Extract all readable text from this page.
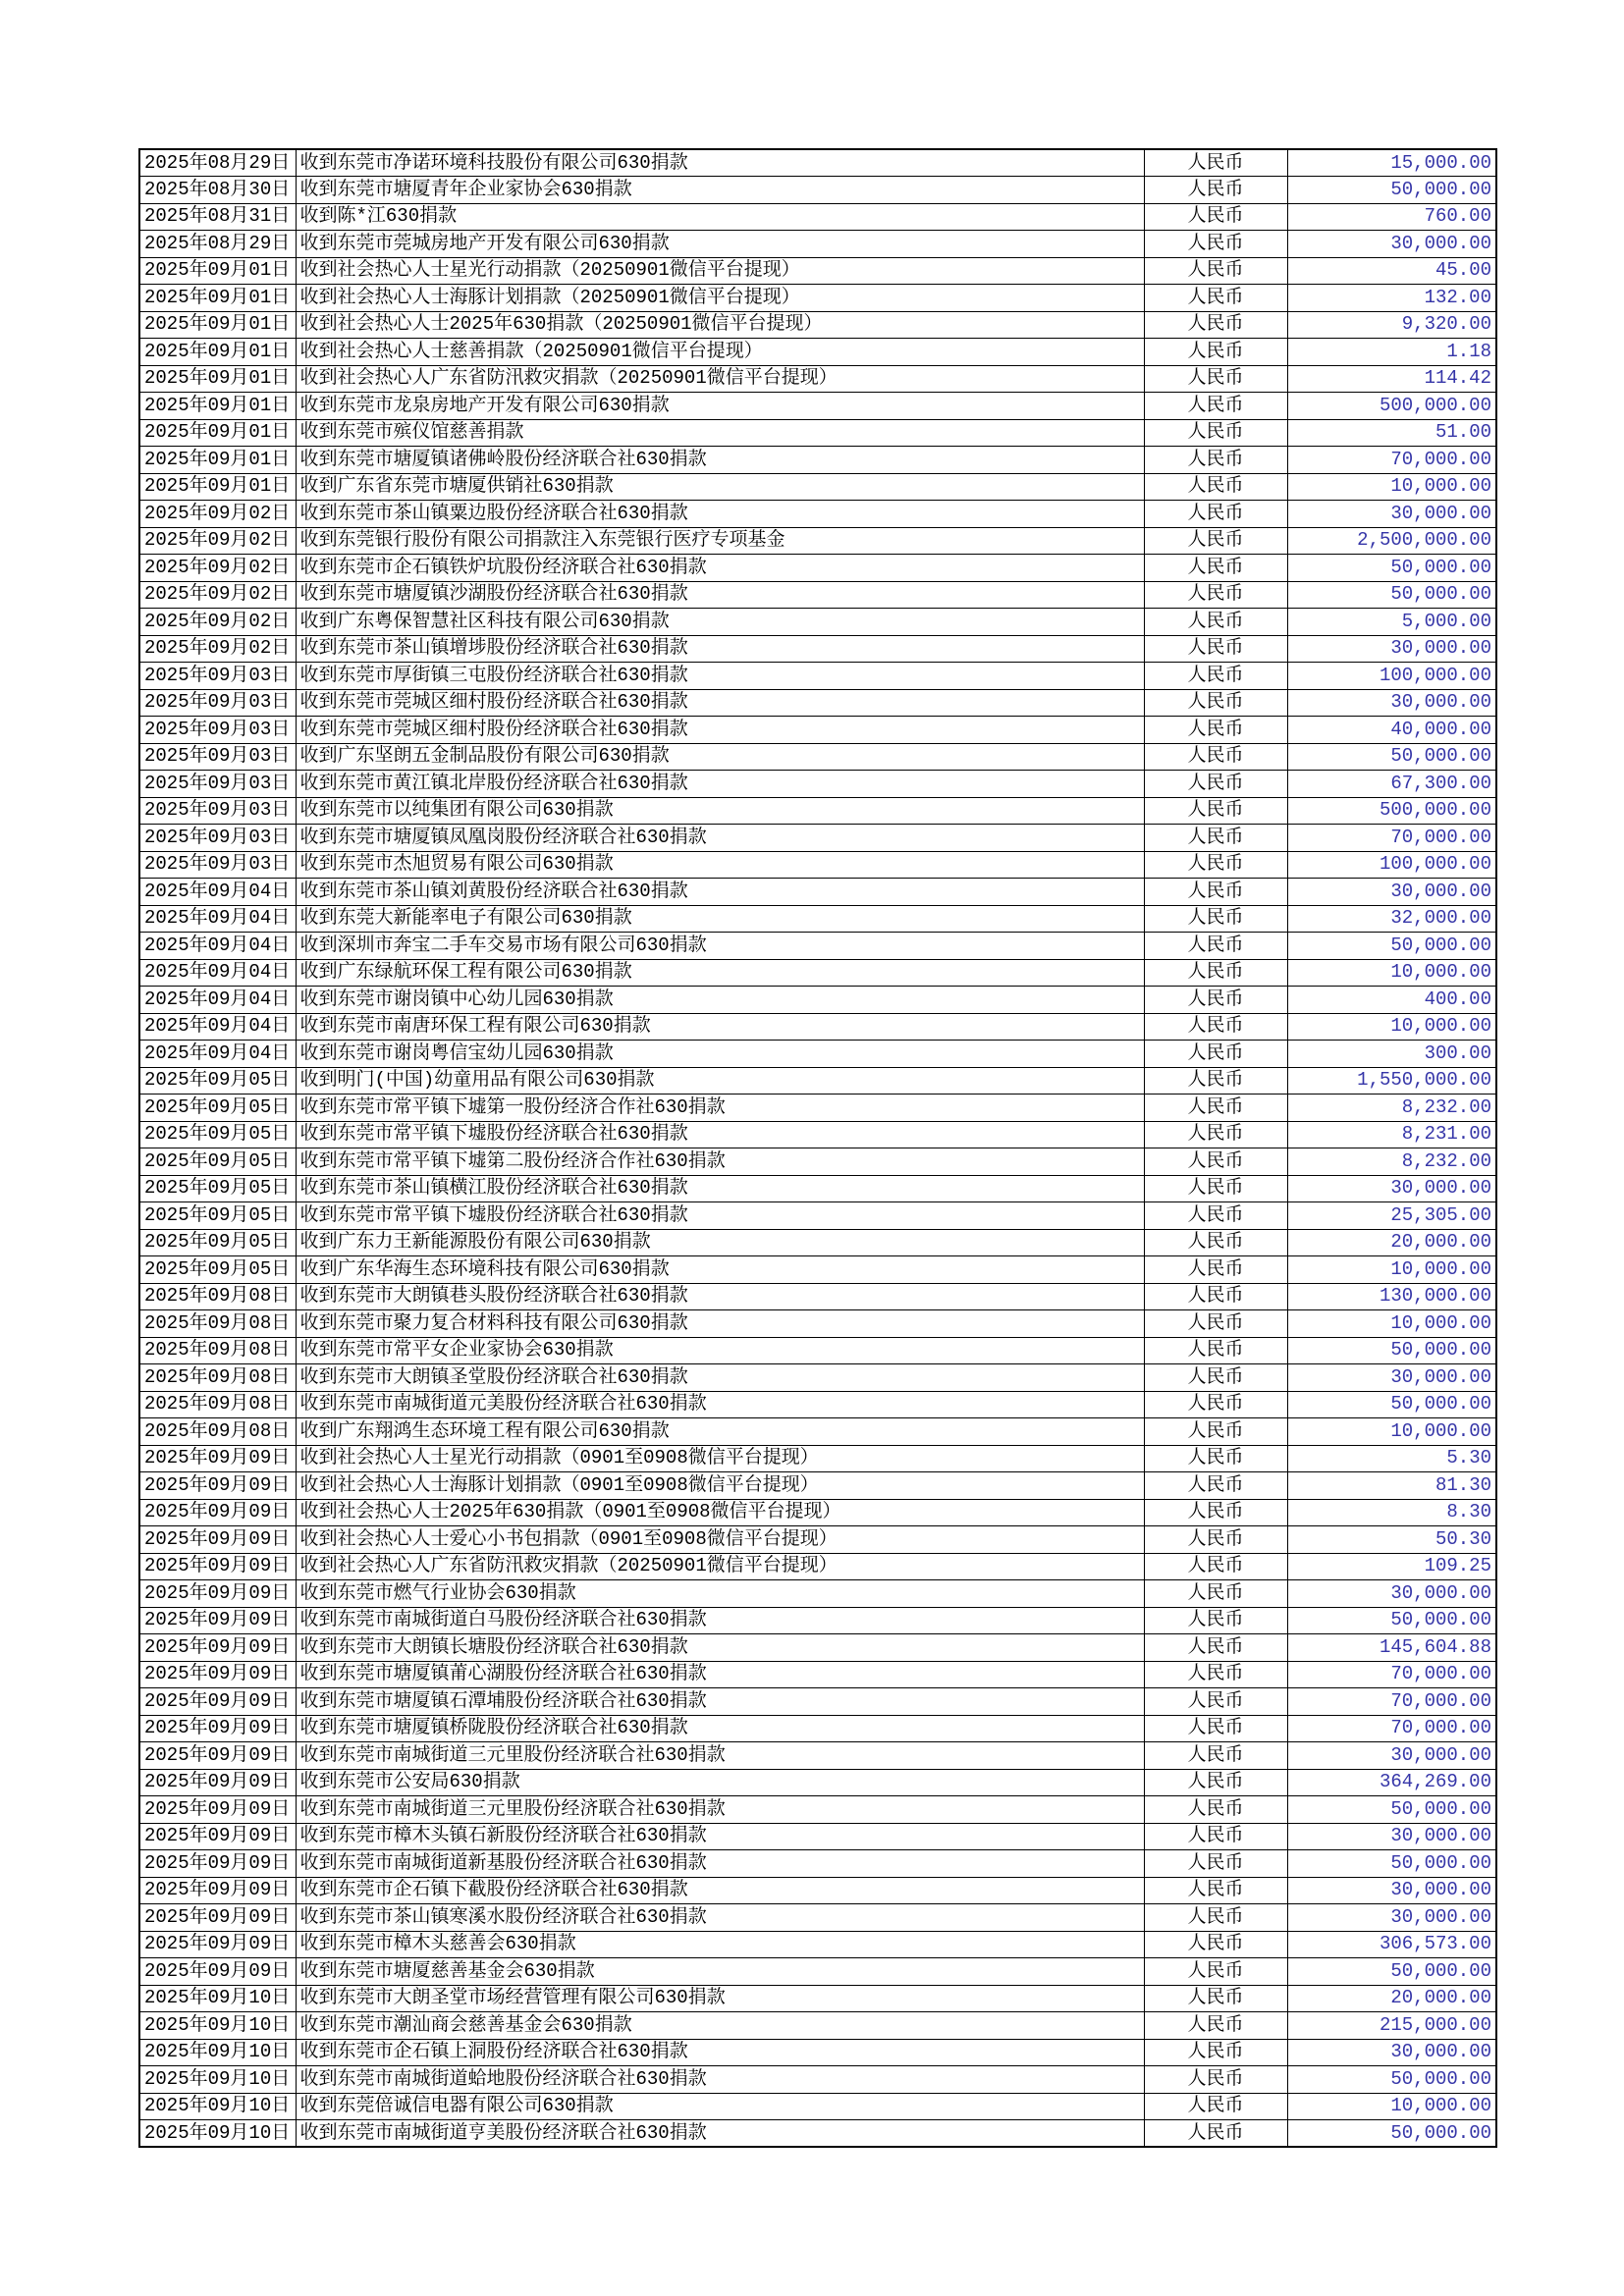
2025年08月29日	收到东莞市净诺环境科技股份有限公司630捐款	人民币	15,000.00
2025年08月30日	收到东莞市塘厦青年企业家协会630捐款	人民币	50,000.00
2025年08月31日	收到陈*江630捐款	人民币	760.00
2025年08月29日	收到东莞市莞城房地产开发有限公司630捐款	人民币	30,000.00
2025年09月01日	收到社会热心人士星光行动捐款（20250901微信平台提现）	人民币	45.00
2025年09月01日	收到社会热心人士海豚计划捐款（20250901微信平台提现）	人民币	132.00
2025年09月01日	收到社会热心人士2025年630捐款（20250901微信平台提现）	人民币	9,320.00
2025年09月01日	收到社会热心人士慈善捐款（20250901微信平台提现）	人民币	1.18
2025年09月01日	收到社会热心人广东省防汛救灾捐款（20250901微信平台提现）	人民币	114.42
2025年09月01日	收到东莞市龙泉房地产开发有限公司630捐款	人民币	500,000.00
2025年09月01日	收到东莞市殡仪馆慈善捐款	人民币	51.00
2025年09月01日	收到东莞市塘厦镇诸佛岭股份经济联合社630捐款	人民币	70,000.00
2025年09月01日	收到广东省东莞市塘厦供销社630捐款	人民币	10,000.00
2025年09月02日	收到东莞市茶山镇粟边股份经济联合社630捐款	人民币	30,000.00
2025年09月02日	收到东莞银行股份有限公司捐款注入东莞银行医疗专项基金	人民币	2,500,000.00
2025年09月02日	收到东莞市企石镇铁炉坑股份经济联合社630捐款	人民币	50,000.00
2025年09月02日	收到东莞市塘厦镇沙湖股份经济联合社630捐款	人民币	50,000.00
2025年09月02日	收到广东粤保智慧社区科技有限公司630捐款	人民币	5,000.00
2025年09月02日	收到东莞市茶山镇增埗股份经济联合社630捐款	人民币	30,000.00
2025年09月03日	收到东莞市厚街镇三屯股份经济联合社630捐款	人民币	100,000.00
2025年09月03日	收到东莞市莞城区细村股份经济联合社630捐款	人民币	30,000.00
2025年09月03日	收到东莞市莞城区细村股份经济联合社630捐款	人民币	40,000.00
2025年09月03日	收到广东坚朗五金制品股份有限公司630捐款	人民币	50,000.00
2025年09月03日	收到东莞市黄江镇北岸股份经济联合社630捐款	人民币	67,300.00
2025年09月03日	收到东莞市以纯集团有限公司630捐款	人民币	500,000.00
2025年09月03日	收到东莞市塘厦镇凤凰岗股份经济联合社630捐款	人民币	70,000.00
2025年09月03日	收到东莞市杰旭贸易有限公司630捐款	人民币	100,000.00
2025年09月04日	收到东莞市茶山镇刘黄股份经济联合社630捐款	人民币	30,000.00
2025年09月04日	收到东莞大新能率电子有限公司630捐款	人民币	32,000.00
2025年09月04日	收到深圳市奔宝二手车交易市场有限公司630捐款	人民币	50,000.00
2025年09月04日	收到广东绿航环保工程有限公司630捐款	人民币	10,000.00
2025年09月04日	收到东莞市谢岗镇中心幼儿园630捐款	人民币	400.00
2025年09月04日	收到东莞市南唐环保工程有限公司630捐款	人民币	10,000.00
2025年09月04日	收到东莞市谢岗粤信宝幼儿园630捐款	人民币	300.00
2025年09月05日	收到明门(中国)幼童用品有限公司630捐款	人民币	1,550,000.00
2025年09月05日	收到东莞市常平镇下墟第一股份经济合作社630捐款	人民币	8,232.00
2025年09月05日	收到东莞市常平镇下墟股份经济联合社630捐款	人民币	8,231.00
2025年09月05日	收到东莞市常平镇下墟第二股份经济合作社630捐款	人民币	8,232.00
2025年09月05日	收到东莞市茶山镇横江股份经济联合社630捐款	人民币	30,000.00
2025年09月05日	收到东莞市常平镇下墟股份经济联合社630捐款	人民币	25,305.00
2025年09月05日	收到广东力王新能源股份有限公司630捐款	人民币	20,000.00
2025年09月05日	收到广东华海生态环境科技有限公司630捐款	人民币	10,000.00
2025年09月08日	收到东莞市大朗镇巷头股份经济联合社630捐款	人民币	130,000.00
2025年09月08日	收到东莞市聚力复合材料科技有限公司630捐款	人民币	10,000.00
2025年09月08日	收到东莞市常平女企业家协会630捐款	人民币	50,000.00
2025年09月08日	收到东莞市大朗镇圣堂股份经济联合社630捐款	人民币	30,000.00
2025年09月08日	收到东莞市南城街道元美股份经济联合社630捐款	人民币	50,000.00
2025年09月08日	收到广东翔鸿生态环境工程有限公司630捐款	人民币	10,000.00
2025年09月09日	收到社会热心人士星光行动捐款（0901至0908微信平台提现）	人民币	5.30
2025年09月09日	收到社会热心人士海豚计划捐款（0901至0908微信平台提现）	人民币	81.30
2025年09月09日	收到社会热心人士2025年630捐款（0901至0908微信平台提现）	人民币	8.30
2025年09月09日	收到社会热心人士爱心小书包捐款（0901至0908微信平台提现）	人民币	50.30
2025年09月09日	收到社会热心人广东省防汛救灾捐款（20250901微信平台提现）	人民币	109.25
2025年09月09日	收到东莞市燃气行业协会630捐款	人民币	30,000.00
2025年09月09日	收到东莞市南城街道白马股份经济联合社630捐款	人民币	50,000.00
2025年09月09日	收到东莞市大朗镇长塘股份经济联合社630捐款	人民币	145,604.88
2025年09月09日	收到东莞市塘厦镇莆心湖股份经济联合社630捐款	人民币	70,000.00
2025年09月09日	收到东莞市塘厦镇石潭埔股份经济联合社630捐款	人民币	70,000.00
2025年09月09日	收到东莞市塘厦镇桥陇股份经济联合社630捐款	人民币	70,000.00
2025年09月09日	收到东莞市南城街道三元里股份经济联合社630捐款	人民币	30,000.00
2025年09月09日	收到东莞市公安局630捐款	人民币	364,269.00
2025年09月09日	收到东莞市南城街道三元里股份经济联合社630捐款	人民币	50,000.00
2025年09月09日	收到东莞市樟木头镇石新股份经济联合社630捐款	人民币	30,000.00
2025年09月09日	收到东莞市南城街道新基股份经济联合社630捐款	人民币	50,000.00
2025年09月09日	收到东莞市企石镇下截股份经济联合社630捐款	人民币	30,000.00
2025年09月09日	收到东莞市茶山镇寒溪水股份经济联合社630捐款	人民币	30,000.00
2025年09月09日	收到东莞市樟木头慈善会630捐款	人民币	306,573.00
2025年09月09日	收到东莞市塘厦慈善基金会630捐款	人民币	50,000.00
2025年09月10日	收到东莞市大朗圣堂市场经营管理有限公司630捐款	人民币	20,000.00
2025年09月10日	收到东莞市潮汕商会慈善基金会630捐款	人民币	215,000.00
2025年09月10日	收到东莞市企石镇上洞股份经济联合社630捐款	人民币	30,000.00
2025年09月10日	收到东莞市南城街道蛤地股份经济联合社630捐款	人民币	50,000.00
2025年09月10日	收到东莞倍诚信电器有限公司630捐款	人民币	10,000.00
2025年09月10日	收到东莞市南城街道亨美股份经济联合社630捐款	人民币	50,000.00
